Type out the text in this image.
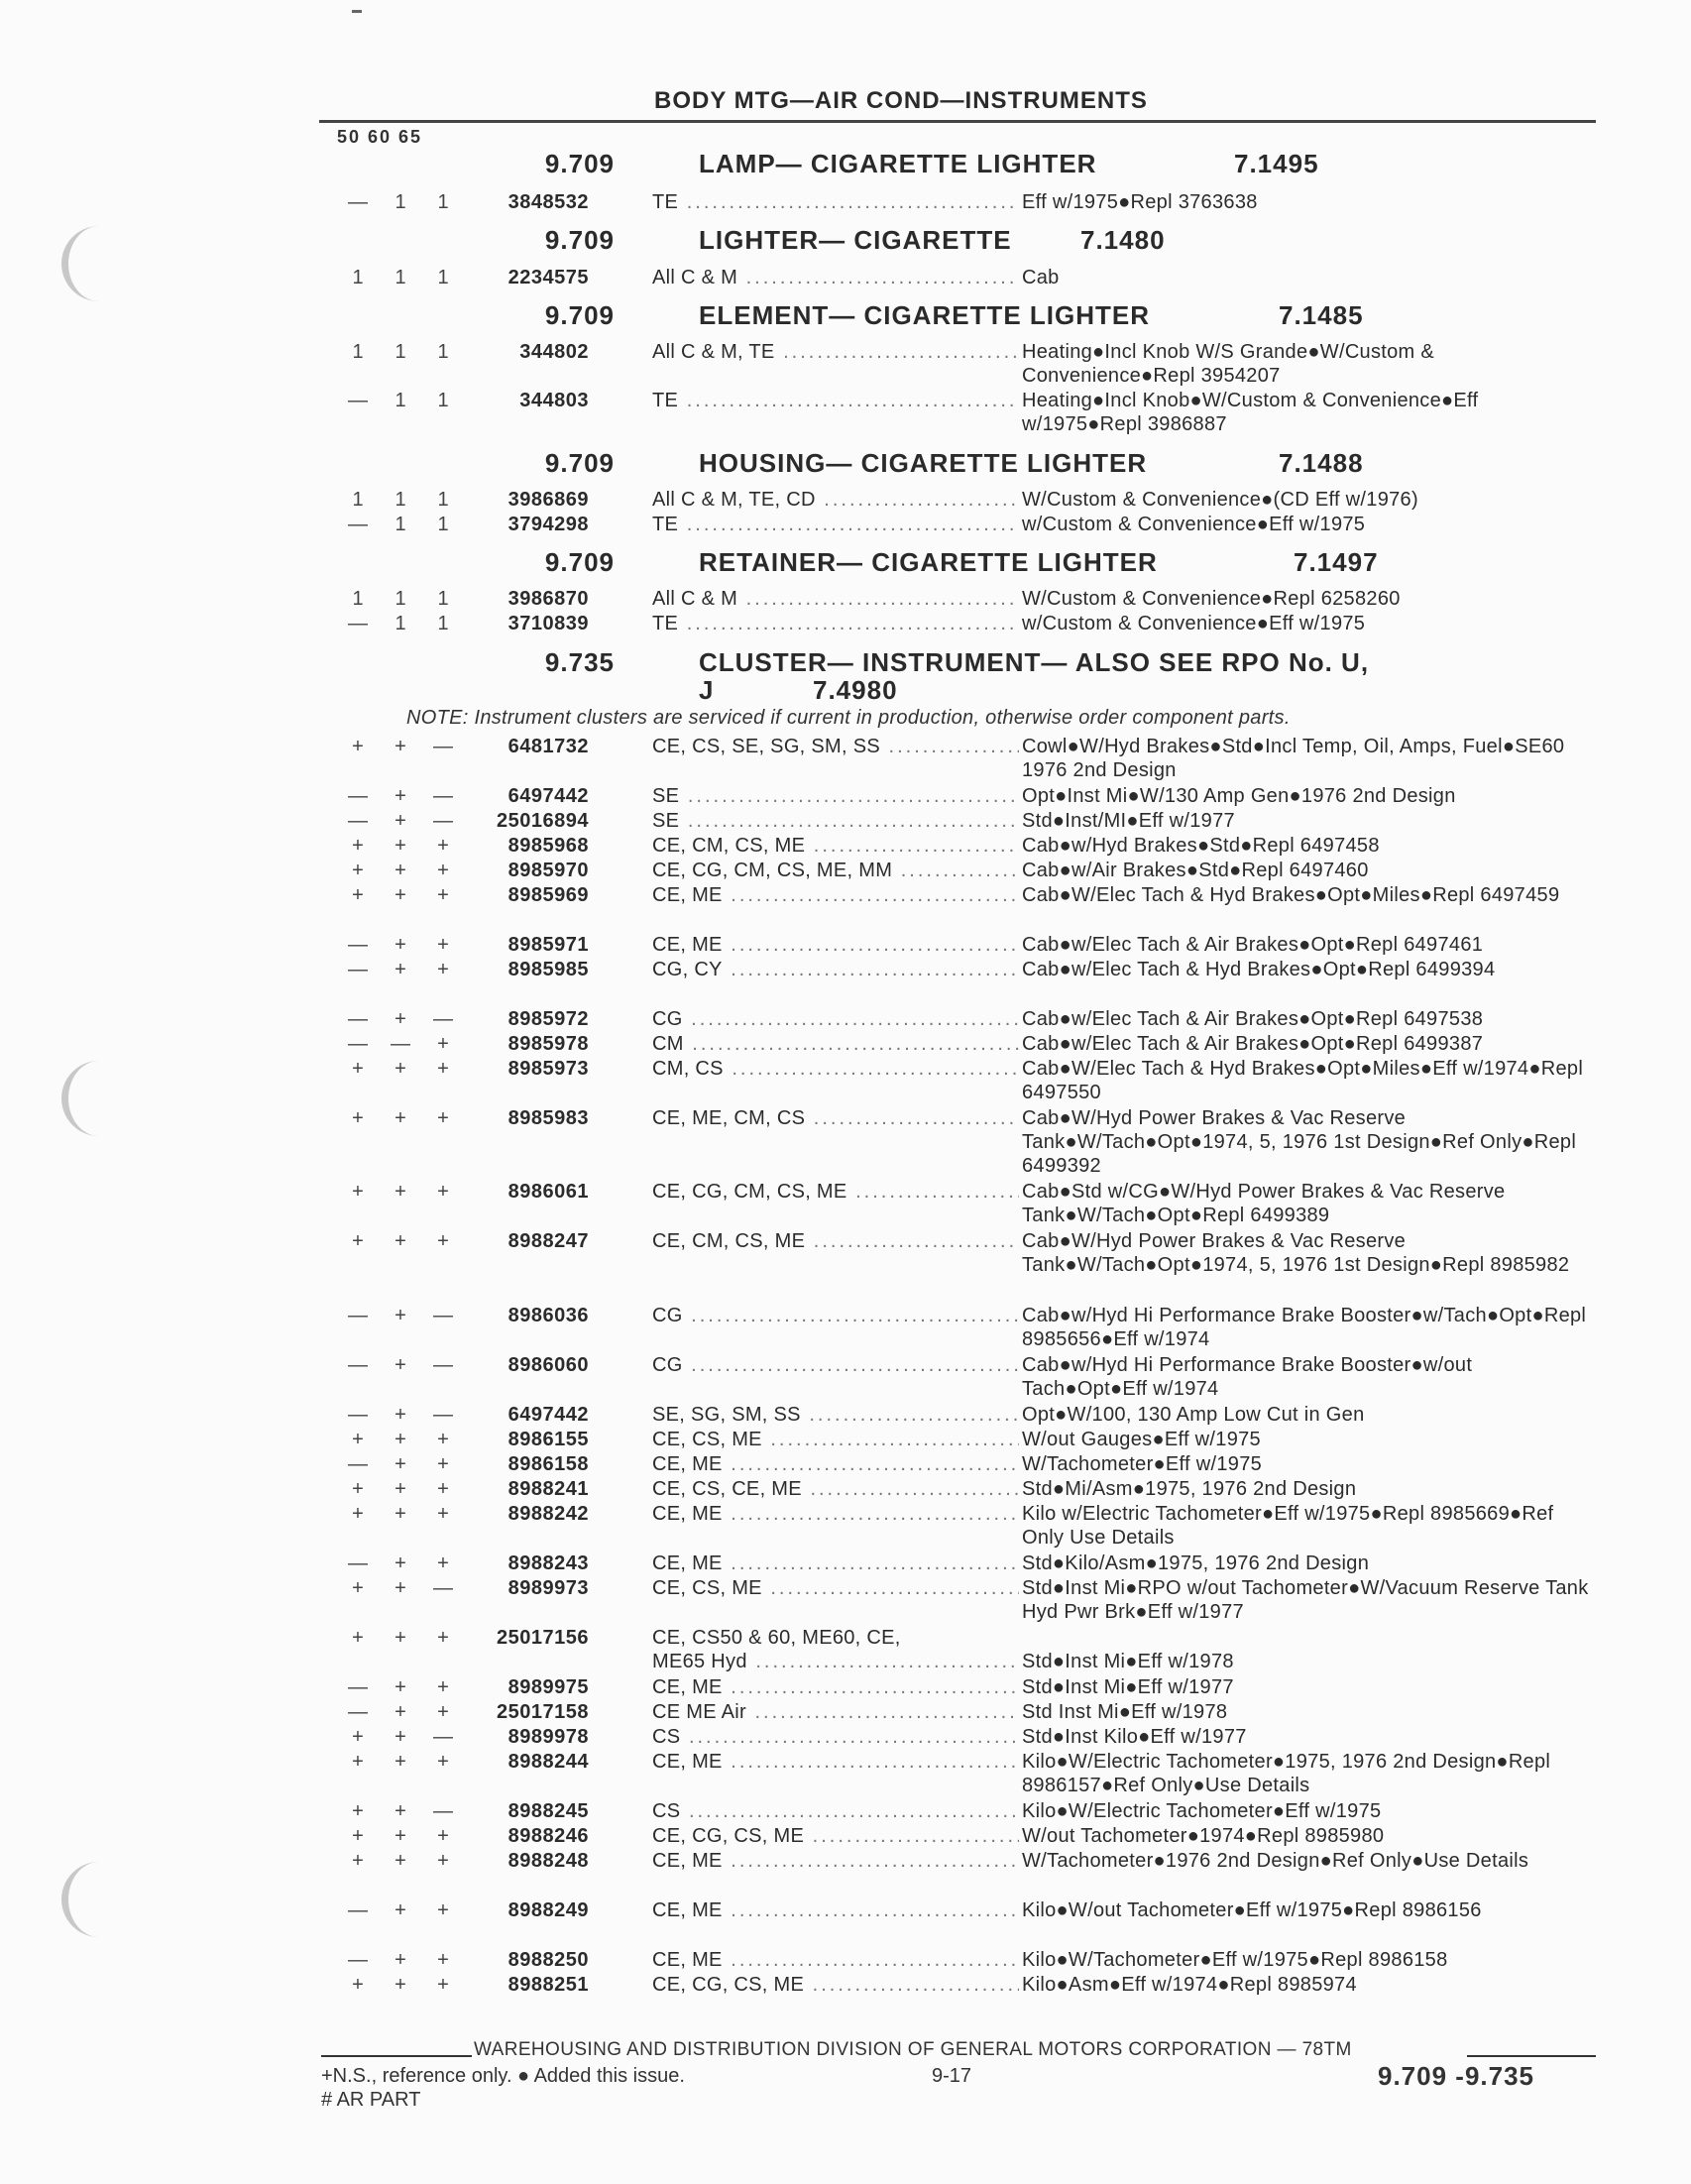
BODY MTG—AIR COND—INSTRUMENTS
50 60 65
9.709	LAMP— CIGARETTE LIGHTER	7.1495
—	1	1	3848532	TE .....	Eff w/1975●Repl 3763638
9.709	LIGHTER— CIGARETTE	7.1480
1	1	1	2234575	All C & M .....	Cab
9.709	ELEMENT— CIGARETTE LIGHTER	7.1485
1	1	1	344802	All C & M, TE .....	Heating●Incl Knob W/S Grande●W/Custom & Convenience●Repl 3954207
—	1	1	344803	TE .....	Heating●Incl Knob●W/Custom & Convenience●Eff w/1975●Repl 3986887
9.709	HOUSING— CIGARETTE LIGHTER	7.1488
1	1	1	3986869	All C & M, TE, CD .....	W/Custom & Convenience●(CD Eff w/1976)
—	1	1	3794298	TE .....	w/Custom & Convenience●Eff w/1975
9.709	RETAINER— CIGARETTE LIGHTER	7.1497
1	1	1	3986870	All C & M .....	W/Custom & Convenience●Repl 6258260
—	1	1	3710839	TE .....	w/Custom & Convenience●Eff w/1975
9.735	CLUSTER— INSTRUMENT— ALSO SEE RPO No. U,
J	7.4980
NOTE: Instrument clusters are serviced if current in production, otherwise order component parts.
+	+	—	6481732	CE, CS, SE, SG, SM, SS .....	Cowl●W/Hyd Brakes●Std●Incl Temp, Oil, Amps, Fuel●SE60 1976 2nd Design
—	+	—	6497442	SE .....	Opt●Inst Mi●W/130 Amp Gen●1976 2nd Design
—	+	— 25016894	SE .....	Std●Inst/MI●Eff w/1977
+	+	+	8985968	CE, CM, CS, ME .....	Cab●w/Hyd Brakes●Std●Repl 6497458
+	+	+	8985970	CE, CG, CM, CS, ME, MM .....	Cab●w/Air Brakes●Std●Repl 6497460
+	+	+	8985969	CE, ME .....	Cab●W/Elec Tach & Hyd Brakes●Opt●Miles●Repl 6497459
—	+	+	8985971	CE, ME .....	Cab●w/Elec Tach & Air Brakes●Opt●Repl 6497461
—	+	+	8985985	CG, CY .....	Cab●w/Elec Tach & Hyd Brakes●Opt●Repl 6499394
—	+	—	8985972	CG .....	Cab●w/Elec Tach & Air Brakes●Opt●Repl 6497538
— —	+	8985978	CM .....	Cab●w/Elec Tach & Air Brakes●Opt●Repl 6499387
+	+	+	8985973	CM, CS .....	Cab●W/Elec Tach & Hyd Brakes●Opt●Miles●Eff w/1974●Repl 6497550
+	+	+	8985983	CE, ME, CM, CS .....	Cab●W/Hyd Power Brakes & Vac Reserve Tank●W/Tach●Opt●1974, 5, 1976 1st Design●Ref Only●Repl 6499392
+	+	+	8986061	CE, CG, CM, CS, ME .....	Cab●Std w/CG●W/Hyd Power Brakes & Vac Reserve Tank●W/Tach●Opt●Repl 6499389
+	+	+	8988247	CE, CM, CS, ME .....	Cab●W/Hyd Power Brakes & Vac Reserve Tank●W/Tach●Opt●1974, 5, 1976 1st Design●Repl 8985982
—	+	—	8986036	CG .....	Cab●w/Hyd Hi Performance Brake Booster●w/Tach●Opt●Repl 8985656●Eff w/1974
—	+	—	8986060	CG .....	Cab●w/Hyd Hi Performance Brake Booster●w/out Tach●Opt●Eff w/1974
—	+	—	6497442	SE, SG, SM, SS .....	Opt●W/100, 130 Amp Low Cut in Gen
+	+	+	8986155	CE, CS, ME .....	W/out Gauges●Eff w/1975
—	+	+	8986158	CE, ME .....	W/Tachometer●Eff w/1975
+	+	+	8988241	CE, CS, CE, ME .....	Std●Mi/Asm●1975, 1976 2nd Design
+	+	+	8988242	CE, ME .....	Kilo w/Electric Tachometer●Eff w/1975●Repl 8985669●Ref Only Use Details
—	+	+	8988243	CE, ME .....	Std●Kilo/Asm●1975, 1976 2nd Design
+	+	—	8989973	CE, CS, ME .....	Std●Inst Mi●RPO w/out Tachometer●W/Vacuum Reserve Tank Hyd Pwr Brk●Eff w/1977
+	+	+	25017156	CE, CS50 & 60, ME60, CE,
ME65 Hyd .....	Std●Inst Mi●Eff w/1978
—	+	+	8989975	CE, ME .....	Std●Inst Mi●Eff w/1977
—	+	+	25017158	CE ME Air .....	Std Inst Mi●Eff w/1978
+	+	—	8989978	CS .....	Std●Inst Kilo●Eff w/1977
+	+	+	8988244	CE, ME .....	Kilo●W/Electric Tachometer●1975, 1976 2nd Design●Repl 8986157●Ref Only●Use Details
+	+	—	8988245	CS .....	Kilo●W/Electric Tachometer●Eff w/1975
+	+	+	8988246	CE, CG, CS, ME .....	W/out Tachometer●1974●Repl 8985980
+	+	+	8988248	CE, ME .....	W/Tachometer●1976 2nd Design●Ref Only●Use Details
—	+	+	8988249	CE, ME .....	Kilo●W/out Tachometer●Eff w/1975●Repl 8986156
—	+	+	8988250	CE, ME .....	Kilo●W/Tachometer●Eff w/1975●Repl 8986158
+	+	+	8988251	CE, CG, CS, ME .....	Kilo●Asm●Eff w/1974●Repl 8985974
WAREHOUSING AND DISTRIBUTION DIVISION OF GENERAL MOTORS CORPORATION — 78TM
+N.S., reference only. ● Added this issue.
# AR PART
9-17	9.709 -9.735
